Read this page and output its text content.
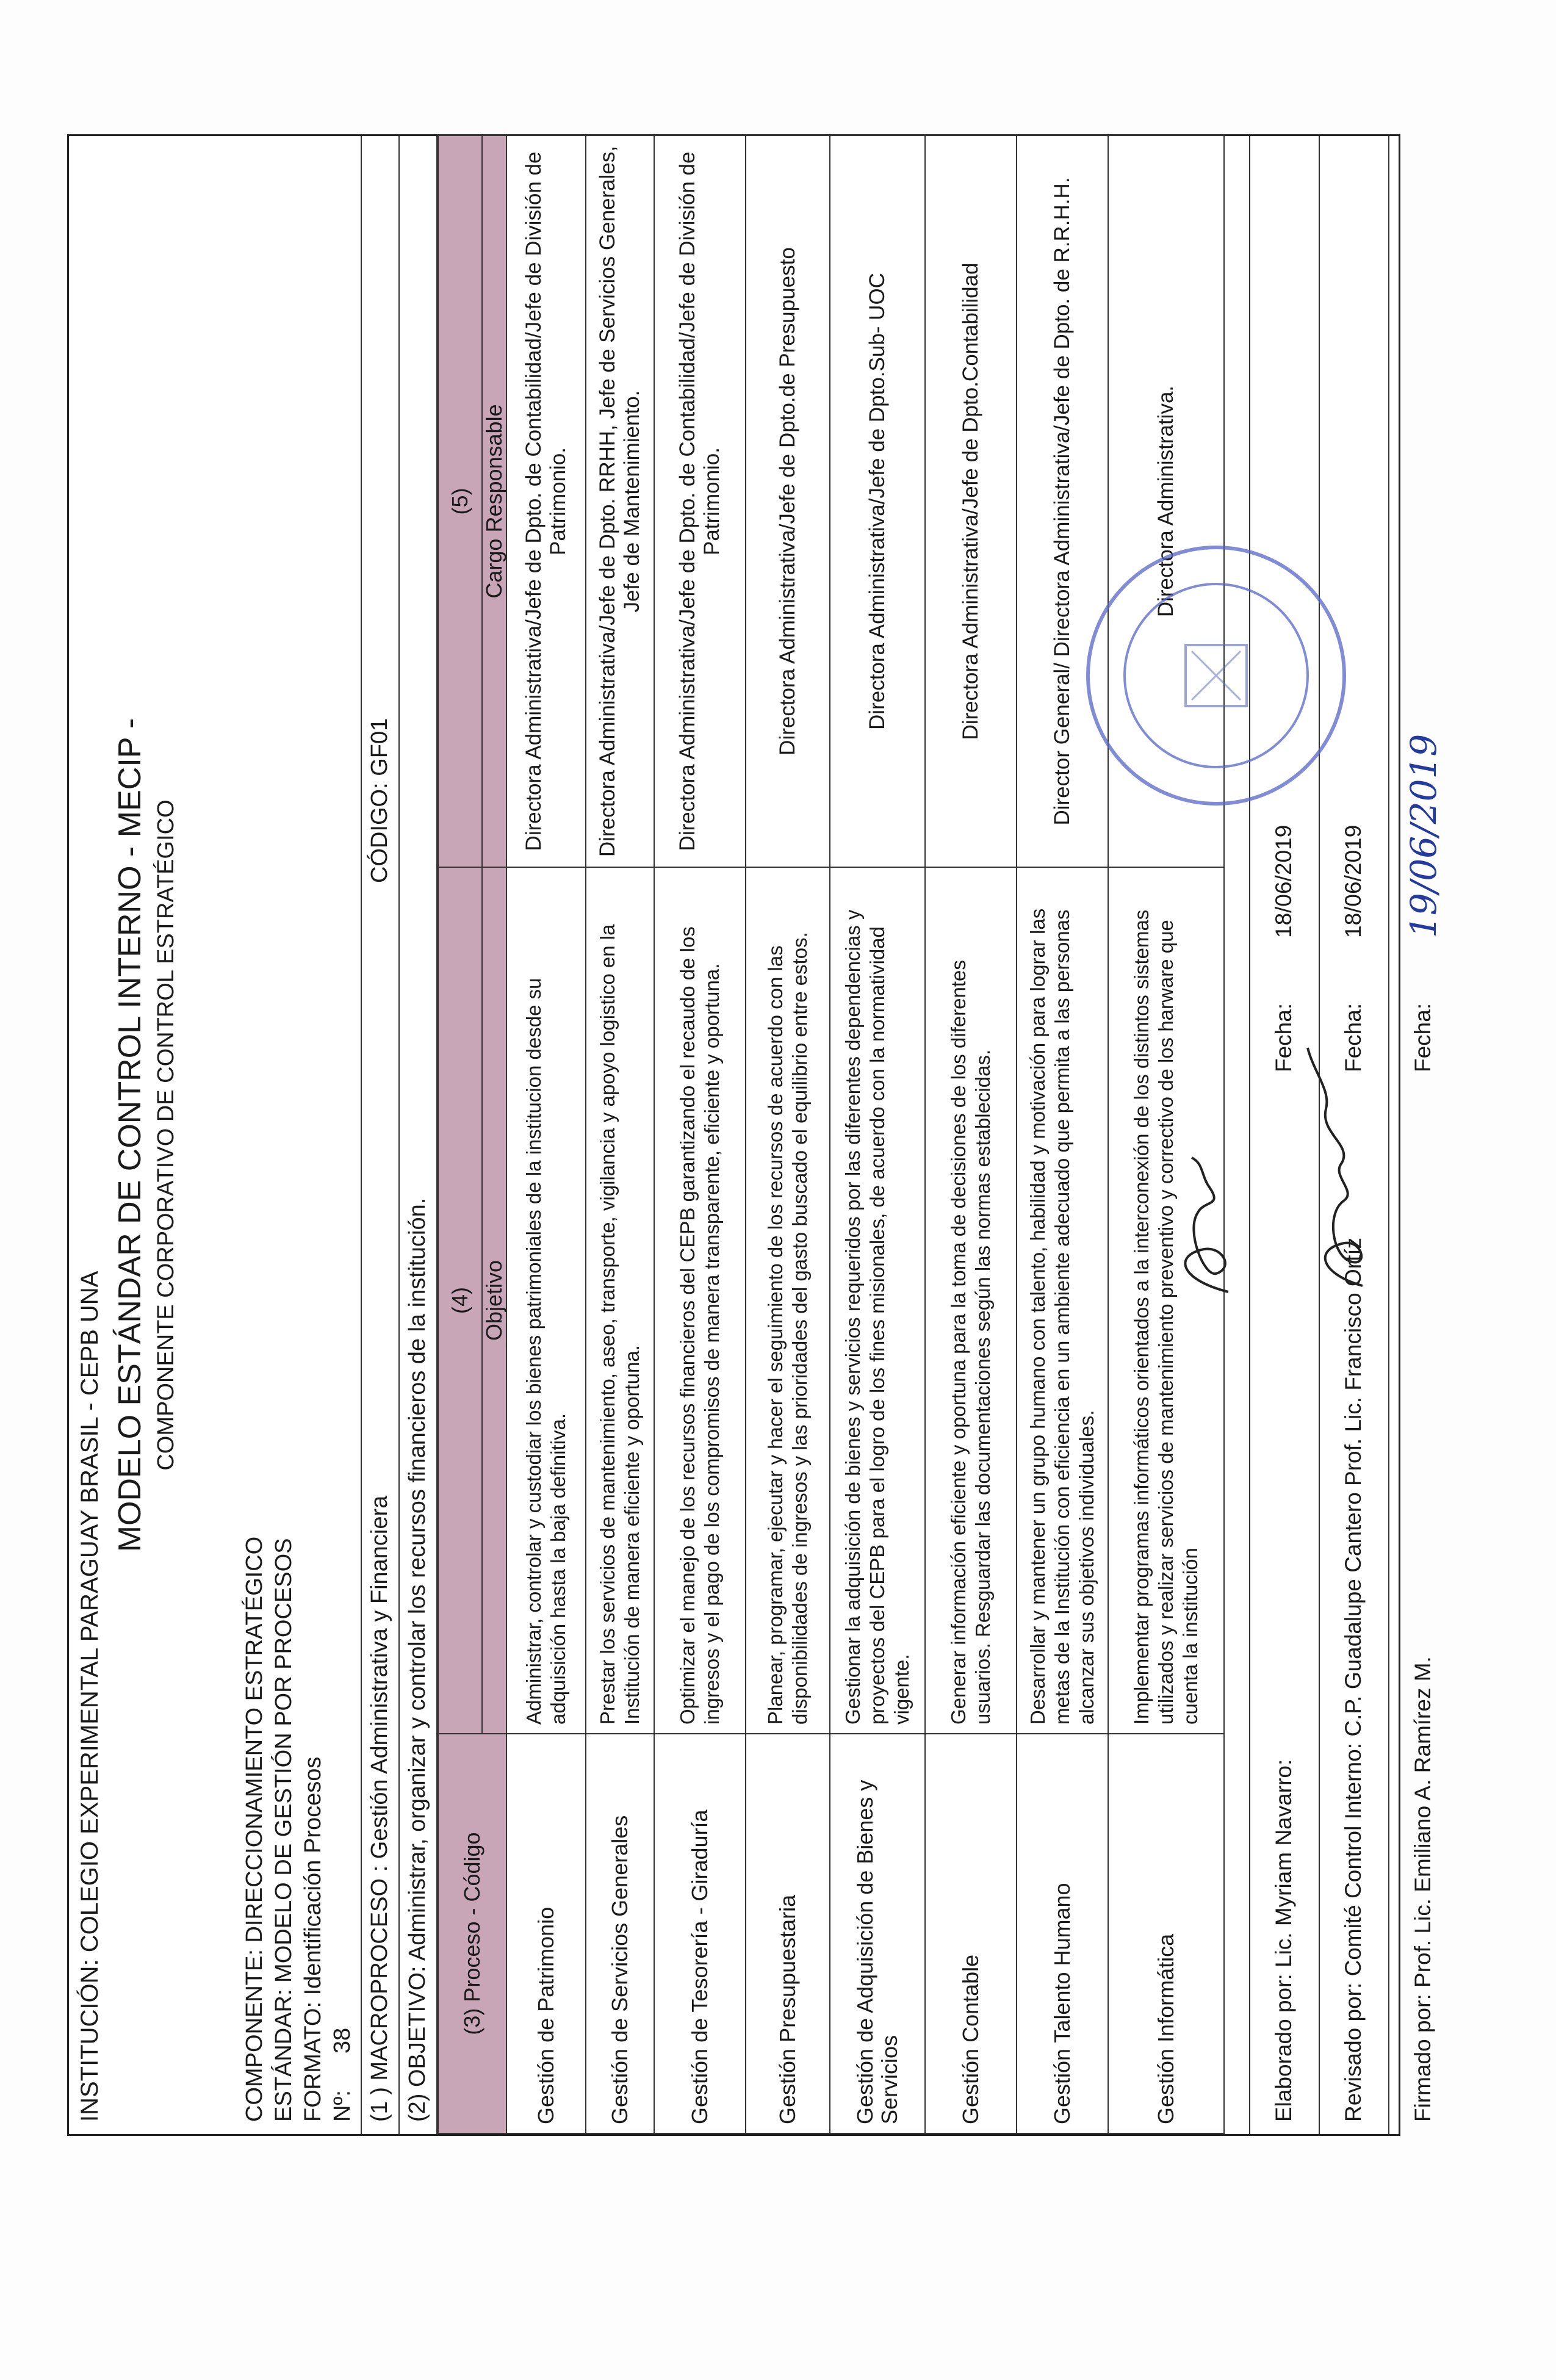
INSTITUCIÓN: COLEGIO EXPERIMENTAL PARAGUAY BRASIL - CEPB UNA
MODELO ESTÁNDAR DE CONTROL INTERNO - MECIP - COMPONENTE CORPORATIVO DE CONTROL ESTRATÉGICO
COMPONENTE: DIRECCIONAMIENTO ESTRATÉGICO ESTÁNDAR: MODELO DE GESTIÓN POR PROCESOS FORMATO: Identificación Procesos Nº:38 (1 ) MACROPROCESO : Gestión Administrativa y Financiera
CÓDIGO: GF01
(2) OBJETIVO: Administrar, organizar y controlar los recursos financieros de la institución.	(3) Proceso - Código	(4)	(5)
	Objetivo	Cargo Responsable
Gestión de Patrimonio	Administrar, controlar y custodiar los bienes patrimoniales de la institucion desde su adquisición hasta la baja definitiva.	Directora Administrativa/Jefe de Dpto. de Contabilidad/Jefe de División de Patrimonio.
Gestión de Servicios Generales	Prestar los servicios de mantenimiento, aseo, transporte, vigilancia y apoyo logistico en la Institución de manera eficiente y oportuna.	Directora Administrativa/Jefe de Dpto. RRHH, Jefe de Servicios Generales, Jefe de Mantenimiento.
Gestión de Tesorería - Giraduría	Optimizar el manejo de los recursos financieros del CEPB garantizando el recaudo de los ingresos y el pago de los compromisos de manera transparente, eficiente y oportuna.	Directora Administrativa/Jefe de Dpto. de Contabilidad/Jefe de División de Patrimonio.
Gestión Presupuestaria	Planear, programar, ejecutar y hacer el seguimiento de los recursos de acuerdo con las disponibilidades de ingresos y las prioridades del gasto buscado el equilibrio entre estos.	Directora Administrativa/Jefe de Dpto.de Presupuesto
Gestión de Adquisición de Bienes y Servicios	Gestionar la adquisición de bienes y servicios requeridos por las diferentes dependencias y proyectos del CEPB para el logro de los fines misionales, de acuerdo con la normatividad vigente.	Directora Administrativa/Jefe de Dpto.Sub- UOC
Gestión Contable	Generar información eficiente y oportuna para la toma de decisiones de los diferentes usuarios. Resguardar las documentaciones según las normas establecidas.	Directora Administrativa/Jefe de Dpto.Contabilidad
Gestión Talento Humano	Desarrollar y mantener un grupo humano con talento, habilidad y motivación para lograr las metas de la Institución con eficiencia en un ambiente adecuado que permita a las personas alcanzar sus objetivos individuales.	Director General/ Directora Administrativa/Jefe de Dpto. de R.R.H.H.
Gestión Informática	Implementar programas informáticos orientados a la interconexión de los distintos sistemas utilizados y realizar servicios de mantenimiento preventivo y correctivo de los harware que cuenta la institución	Directora Administrativa.
Elaborado por: Lic. Myriam Navarro:
Fecha:
18/06/2019
Revisado por: Comité Control Interno: C.P. Guadalupe Cantero Prof. Lic. Francisco Ortíz
Fecha:
18/06/2019
Firmado por: Prof. Lic. Emiliano A. Ramírez M.
Fecha:
19/06/2019
